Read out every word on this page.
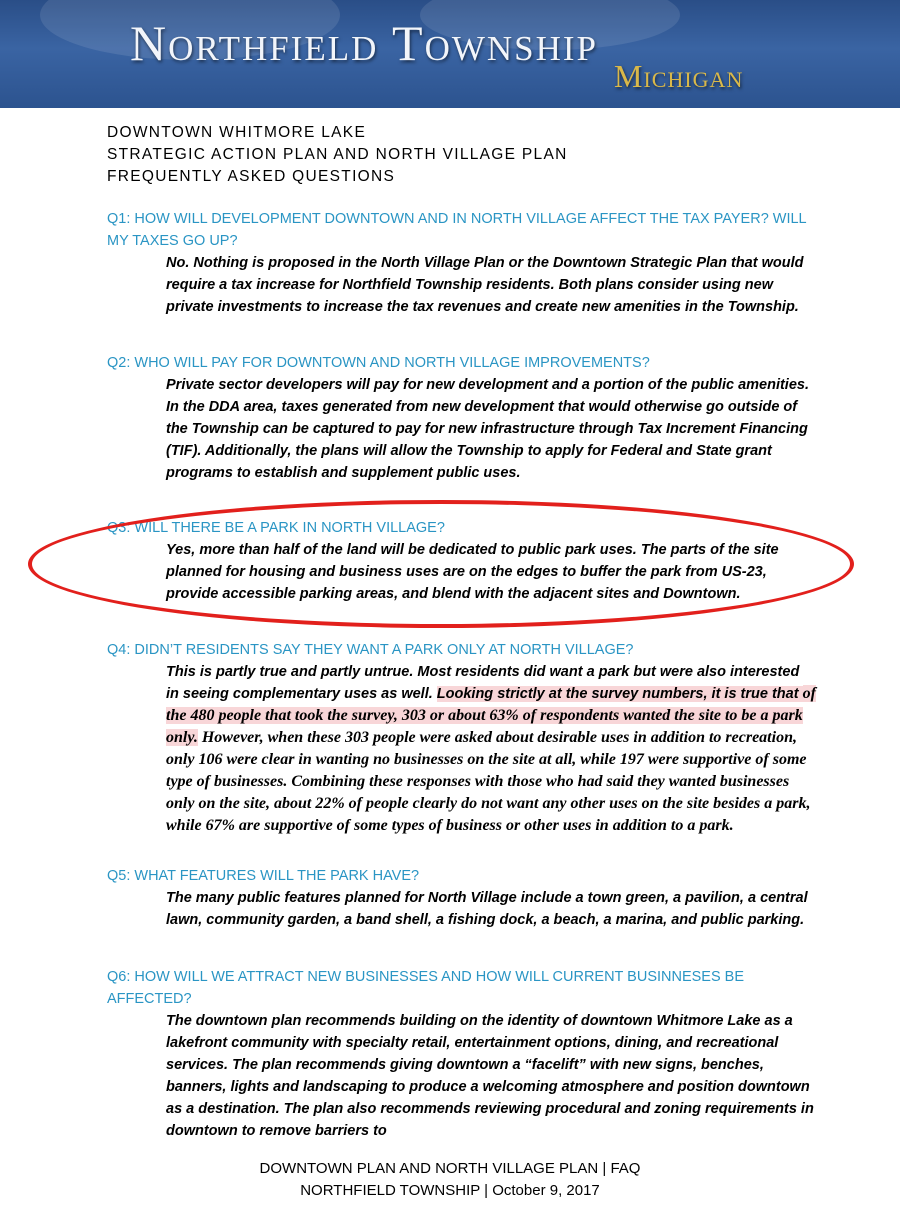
Northfield Township
Michigan
DOWNTOWN WHITMORE LAKE
STRATEGIC ACTION PLAN AND NORTH VILLAGE PLAN
FREQUENTLY ASKED QUESTIONS
Q1: HOW WILL DEVELOPMENT DOWNTOWN AND IN NORTH VILLAGE AFFECT THE TAX PAYER? WILL MY TAXES GO UP?
No. Nothing is proposed in the North Village Plan or the Downtown Strategic Plan that would require a tax increase for Northfield Township residents. Both plans consider using new private investments to increase the tax revenues and create new amenities in the Township.
Q2: WHO WILL PAY FOR DOWNTOWN AND NORTH VILLAGE IMPROVEMENTS?
Private sector developers will pay for new development and a portion of the public amenities. In the DDA area, taxes generated from new development that would otherwise go outside of the Township can be captured to pay for new infrastructure through Tax Increment Financing (TIF). Additionally, the plans will allow the Township to apply for Federal and State grant programs to establish and supplement public uses.
Q3: WILL THERE BE A PARK IN NORTH VILLAGE?
Yes, more than half of the land will be dedicated to public park uses. The parts of the site planned for housing and business uses are on the edges to buffer the park from US-23, provide accessible parking areas, and blend with the adjacent sites and Downtown.
Q4: DIDN’T RESIDENTS SAY THEY WANT A PARK ONLY AT NORTH VILLAGE?
This is partly true and partly untrue. Most residents did want a park but were also interested in seeing complementary uses as well. Looking strictly at the survey numbers, it is true that of the 480 people that took the survey, 303 or about 63% of respondents wanted the site to be a park only. However, when these 303 people were asked about desirable uses in addition to recreation, only 106 were clear in wanting no businesses on the site at all, while 197 were supportive of some type of businesses. Combining these responses with those who had said they wanted businesses only on the site, about 22% of people clearly do not want any other uses on the site besides a park, while 67% are supportive of some types of business or other uses in addition to a park.
Q5: WHAT FEATURES WILL THE PARK HAVE?
The many public features planned for North Village include a town green, a pavilion, a central lawn, community garden, a band shell, a fishing dock, a beach, a marina, and public parking.
Q6: HOW WILL WE ATTRACT NEW BUSINESSES AND HOW WILL CURRENT BUSINNESES BE AFFECTED?
The downtown plan recommends building on the identity of downtown Whitmore Lake as a lakefront community with specialty retail, entertainment options, dining, and recreational services. The plan recommends giving downtown a “facelift” with new signs, benches, banners, lights and landscaping to produce a welcoming atmosphere and position downtown as a destination. The plan also recommends reviewing procedural and zoning requirements in downtown to remove barriers to
DOWNTOWN PLAN AND NORTH VILLAGE PLAN | FAQ
NORTHFIELD TOWNSHIP | October 9, 2017
